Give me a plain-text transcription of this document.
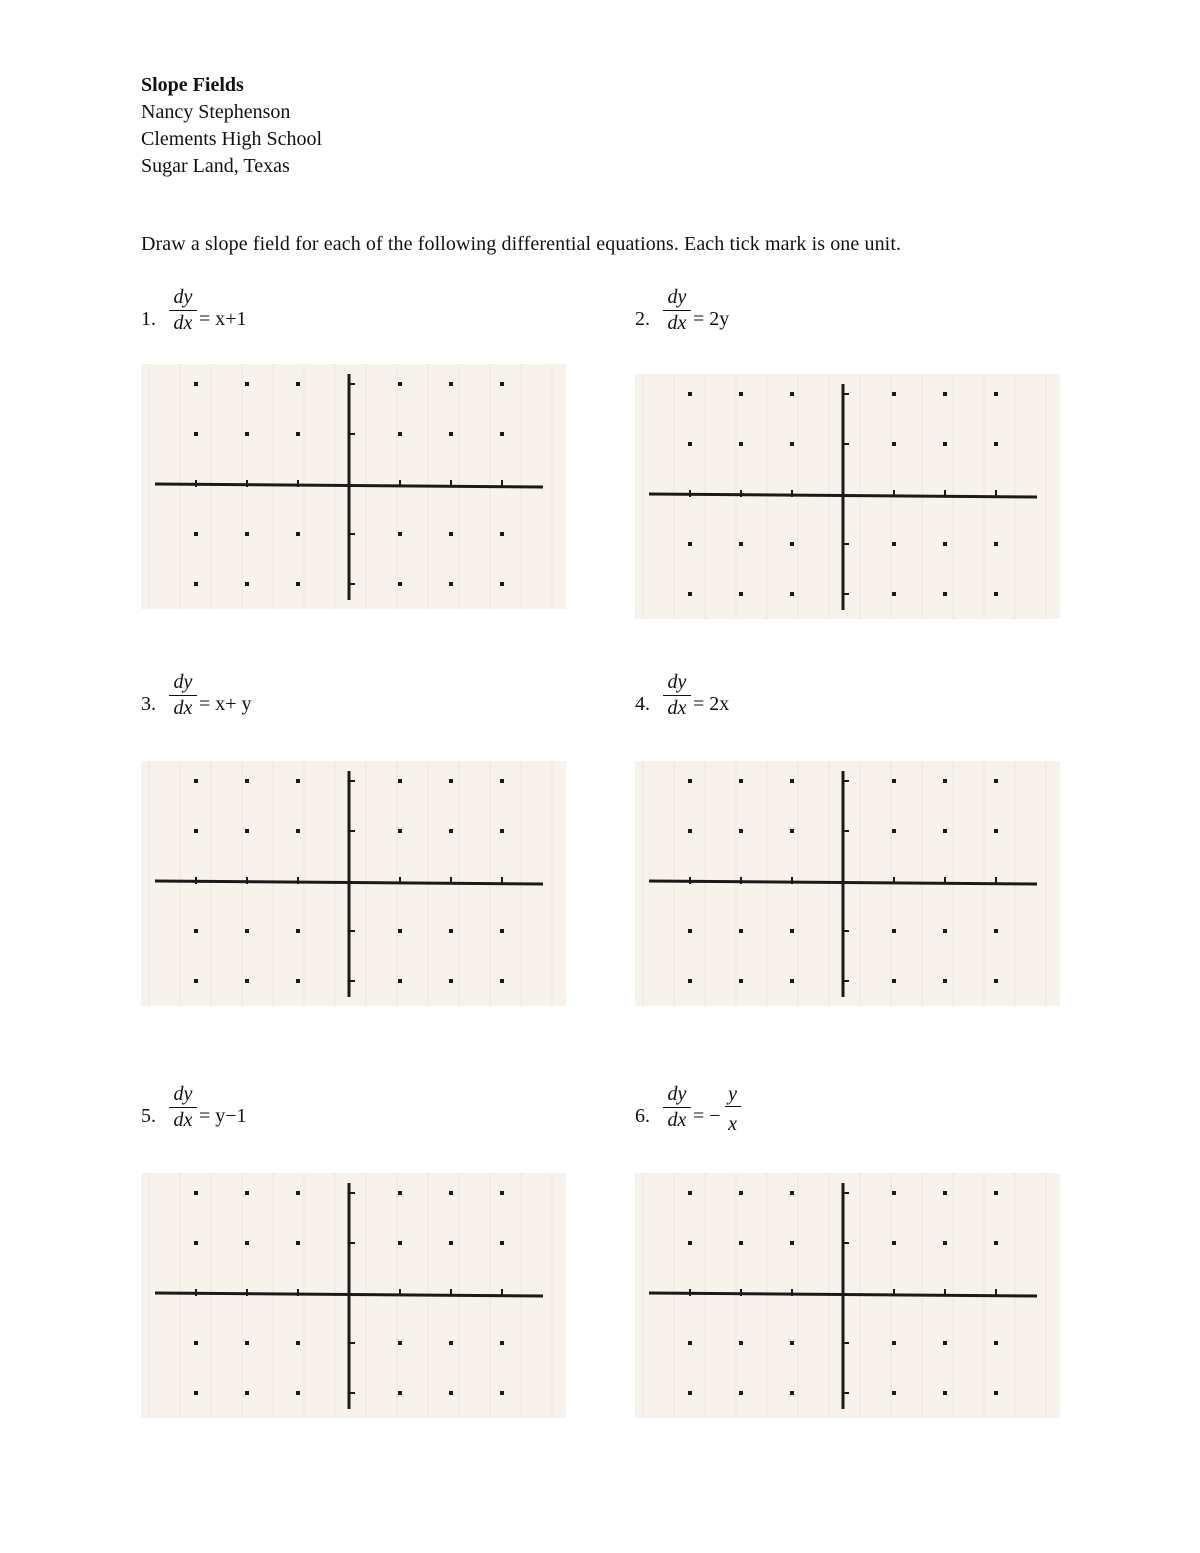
Slope Fields
Nancy Stephenson
Clements High School
Sugar Land, Texas
Draw a slope field for each of the following differential equations. Each tick mark is one unit.
1. $\frac{dy}{dx} = x+1$	2. $\frac{dy}{dx} = 2y$
3. $\frac{dy}{dx} = x+ y$	4. $\frac{dy}{dx} = 2x$
5. $\frac{dy}{dx} = y-1$	6. $\frac{dy}{dx}$ = − $\frac{y}{x}$
